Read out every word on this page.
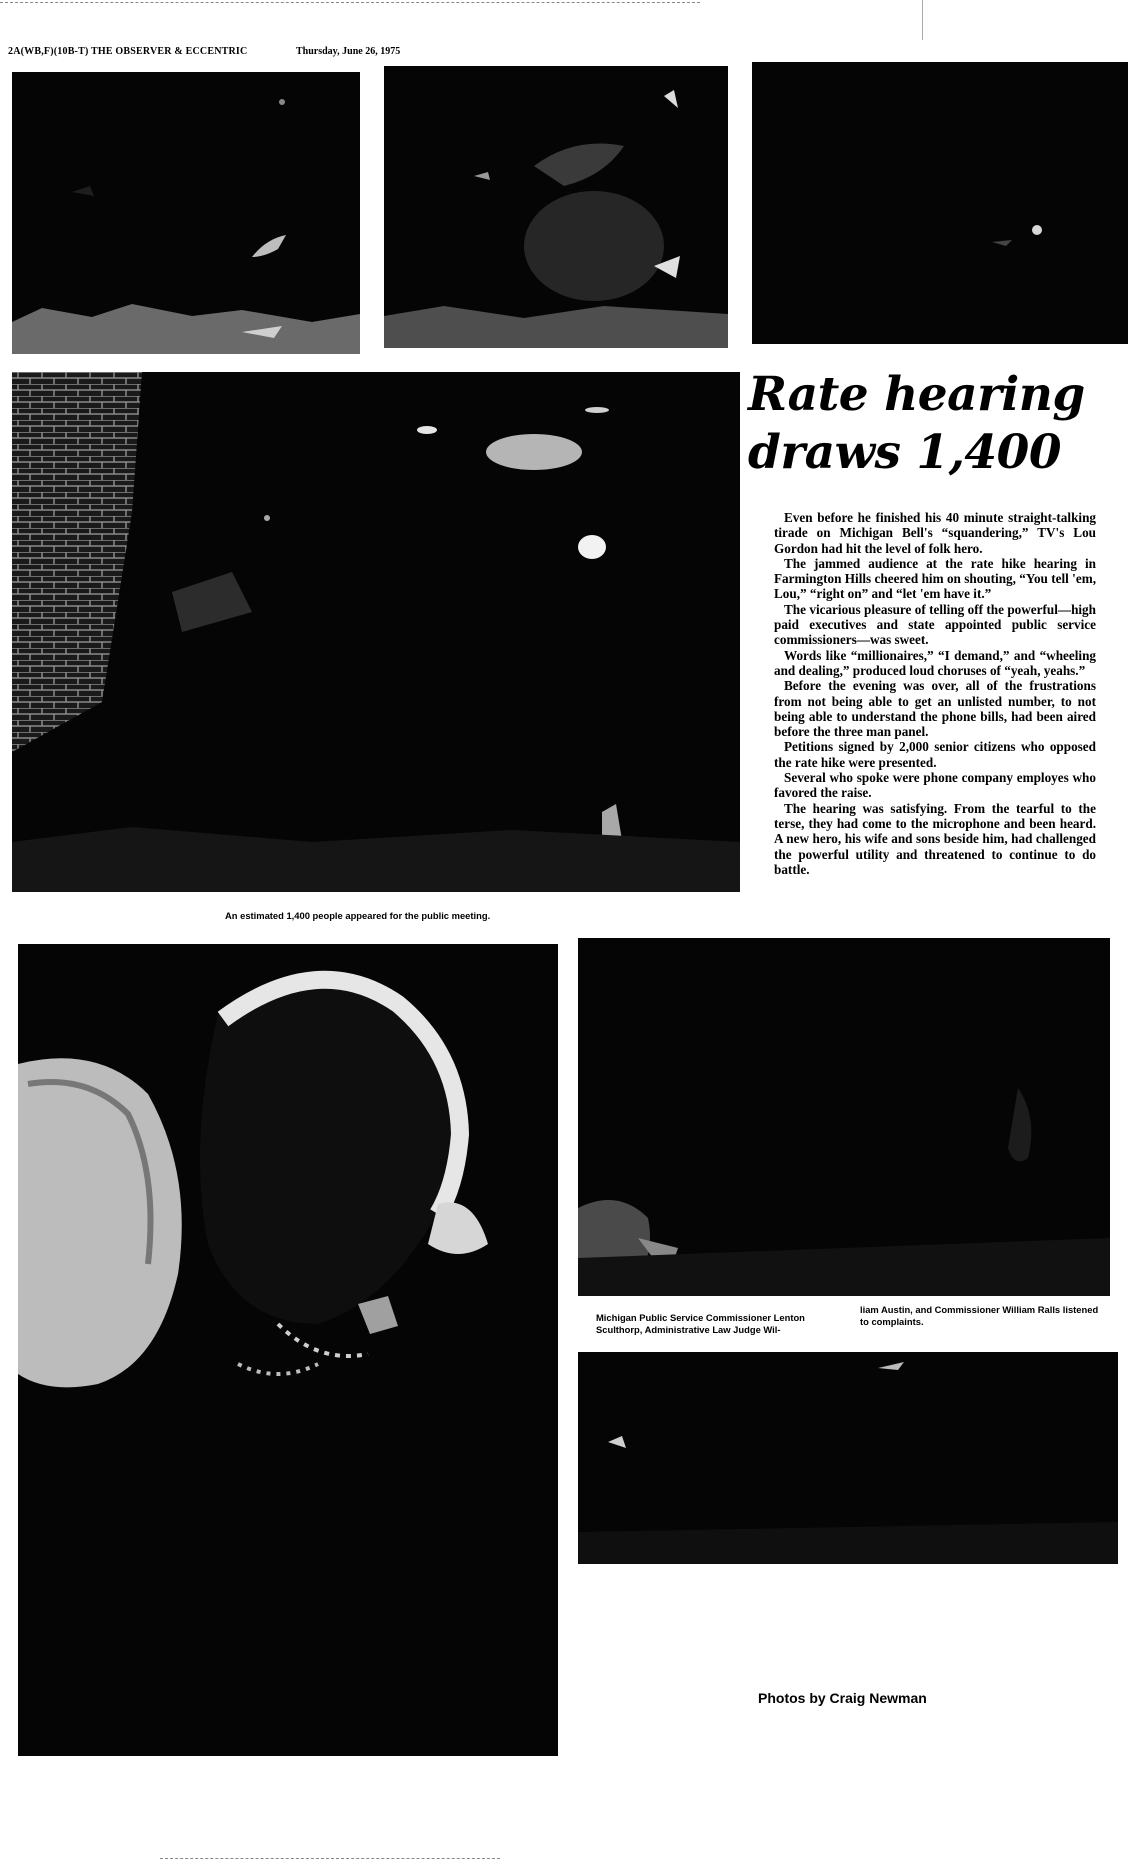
2A(WB,F)(10B-T) THE OBSERVER & ECCENTRIC	Thursday, June 26, 1975
An estimated 1,400 people appeared for the public meeting.
Rate hearing
draws 1,400

Even before he finished his 40 minute straight-talking tirade on Michigan Bell's “squandering,” TV's Lou Gordon had hit the level of folk hero.

The jammed audience at the rate hike hearing in Farmington Hills cheered him on shouting, “You tell 'em, Lou,” “right on” and “let 'em have it.”

The vicarious pleasure of telling off the powerful—high paid executives and state appointed public service commissioners—was sweet.

Words like “millionaires,” “I demand,” and “wheeling and dealing,” produced loud choruses of “yeah, yeahs.”

Before the evening was over, all of the frustrations from not being able to get an unlisted number, to not being able to understand the phone bills, had been aired before the three man panel.

Petitions signed by 2,000 senior citizens who opposed the rate hike were presented.

Several who spoke were phone company employes who favored the raise.

The hearing was satisfying. From the tearful to the terse, they had come to the microphone and been heard. A new hero, his wife and sons beside him, had challenged the powerful utility and threatened to continue to do battle.

Michigan Public Service Commissioner Lenton Sculthorp, Administrative Law Judge Wil-
liam Austin, and Commissioner William Ralls listened to complaints.
Photos by Craig Newman
